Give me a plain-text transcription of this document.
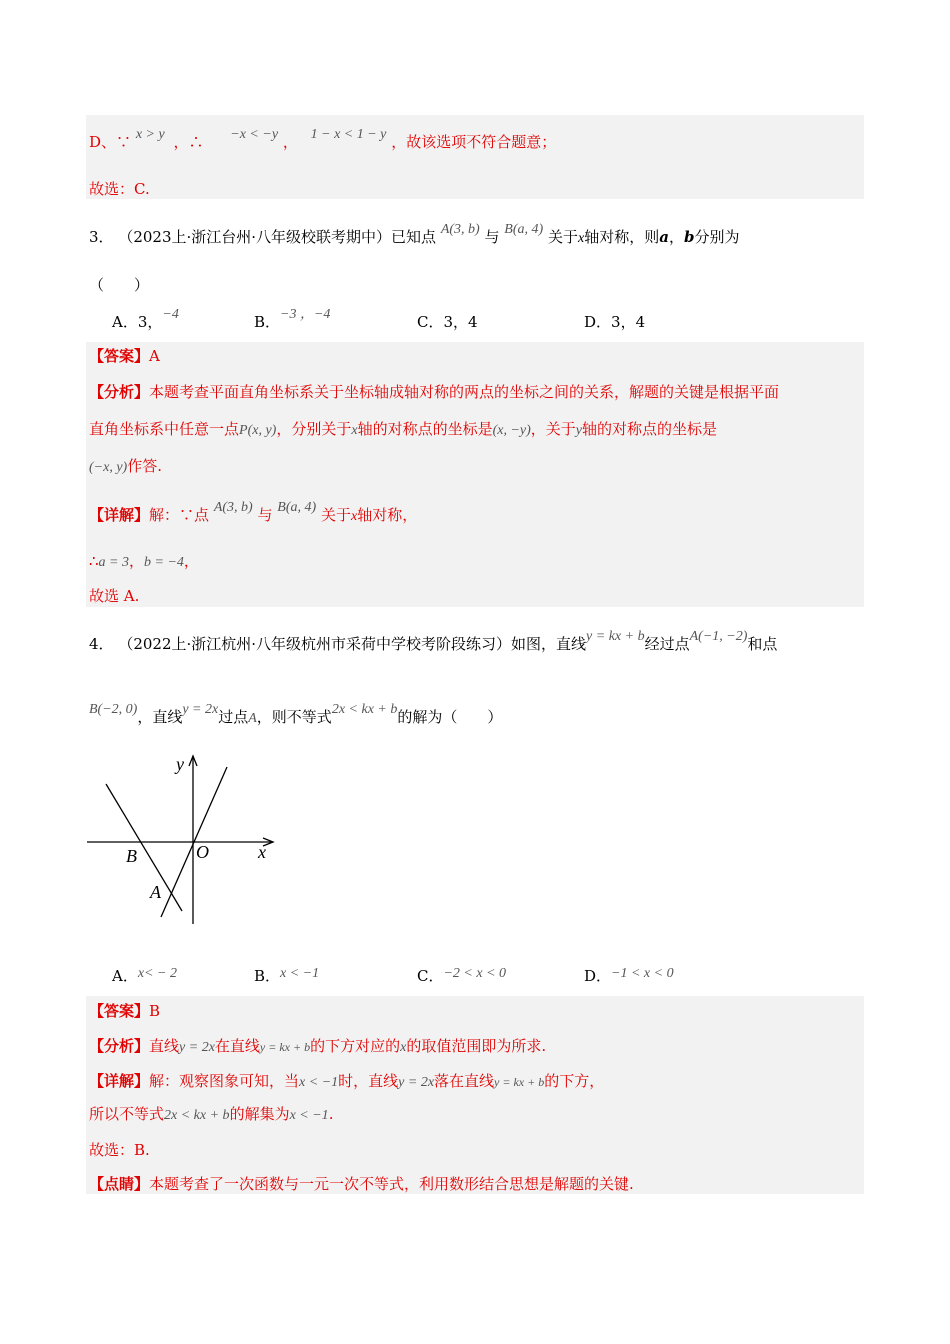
D、∵ x > y ，∴ −x < −y ， 1 − x < 1 − y ，故该选项不符合题意；
故选：C.
3． （2023上·浙江台州·八年级校联考期中）已知点 A(3, b) 与 B(a, 4) 关于x轴对称，则a，b分别为
（　　）
A．3，−4	B．−3 ，−4	C．3，4	D．3，4
【答案】A
【分析】本题考查平面直角坐标系关于坐标轴成轴对称的两点的坐标之间的关系，解题的关键是根据平面
直角坐标系中任意一点P(x, y)，分别关于x轴的对称点的坐标是(x, −y)，关于y轴的对称点的坐标是
(−x, y)作答.
【详解】解：∵点 A(3, b) 与 B(a, 4) 关于x轴对称，
∴a = 3，b = −4，
故选 A.
4． （2022上·浙江杭州·八年级杭州市采荷中学校考阶段练习）如图，直线y = kx + b经过点A(−1, −2)和点
B(−2, 0)，直线y = 2x过点A，则不等式2x < kx + b的解为（　　）
y
x
O
B
A
A．x< − 2	B．x < −1	C．−2 < x < 0	D．−1 < x < 0
【答案】B
【分析】直线y = 2x在直线y = kx + b的下方对应的x的取值范围即为所求.
【详解】解：观察图象可知，当x < −1时，直线y = 2x落在直线y = kx + b的下方，
所以不等式2x < kx + b的解集为x < −1.
故选：B.
【点睛】本题考查了一次函数与一元一次不等式，利用数形结合思想是解题的关键.
